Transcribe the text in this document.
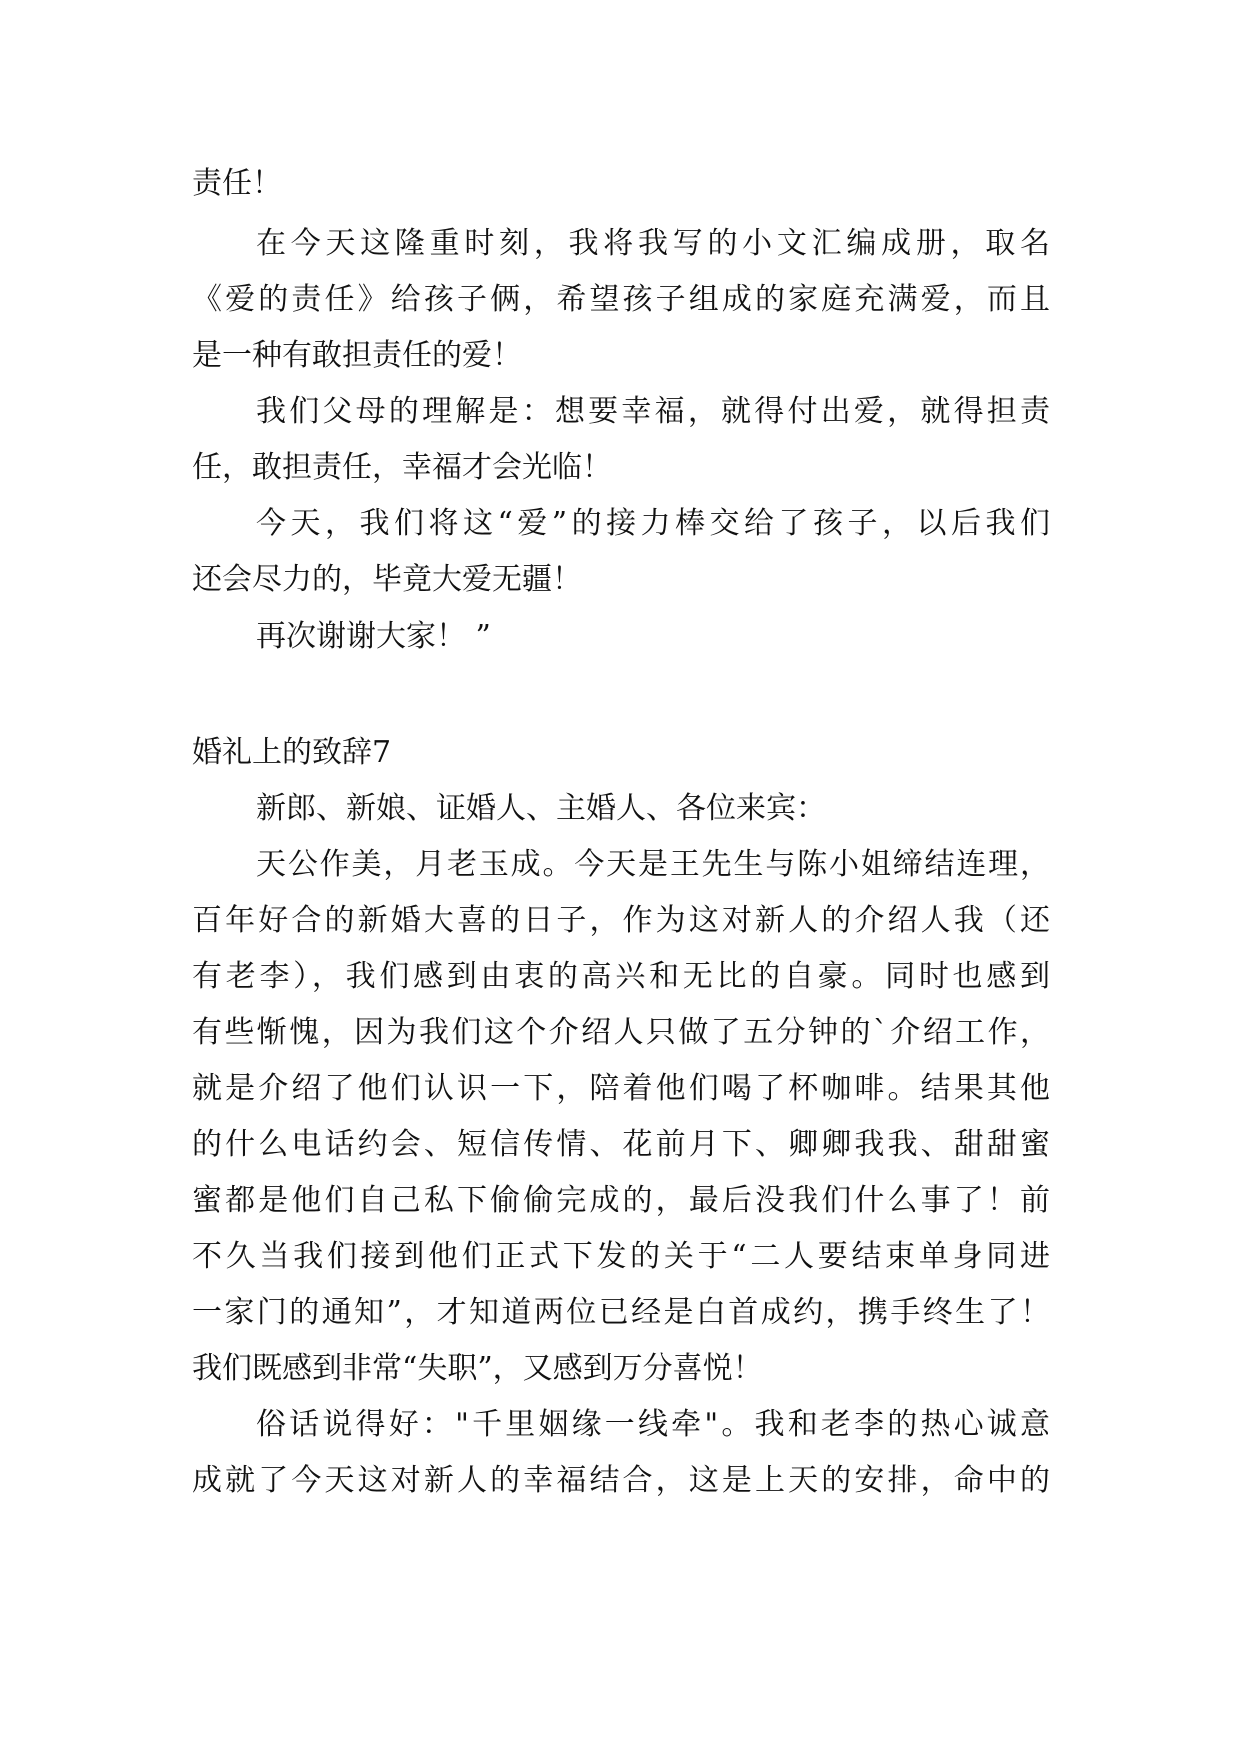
责任！
在今天这隆重时刻，我将我写的小文汇编成册，取名
《爱的责任》给孩子俩，希望孩子组成的家庭充满爱，而且
是一种有敢担责任的爱！
我们父母的理解是：想要幸福，就得付出爱，就得担责
任，敢担责任，幸福才会光临！
今天，我们将这“爱”的接力棒交给了孩子，以后我们
还会尽力的，毕竟大爱无疆！
再次谢谢大家！ ”
婚礼上的致辞7
新郎、新娘、证婚人、主婚人、各位来宾：
天公作美，月老玉成。今天是王先生与陈小姐缔结连理，
百年好合的新婚大喜的日子，作为这对新人的介绍人我（还
有老李），我们感到由衷的高兴和无比的自豪。同时也感到
有些惭愧，因为我们这个介绍人只做了五分钟的`介绍工作，
就是介绍了他们认识一下，陪着他们喝了杯咖啡。结果其他
的什么电话约会、短信传情、花前月下、卿卿我我、甜甜蜜
蜜都是他们自己私下偷偷完成的，最后没我们什么事了！前
不久当我们接到他们正式下发的关于“二人要结束单身同进
一家门的通知”，才知道两位已经是白首成约，携手终生了！
我们既感到非常“失职”，又感到万分喜悦！
俗话说得好："千里姻缘一线牵"。我和老李的热心诚意
成就了今天这对新人的幸福结合，这是上天的安排，命中的
